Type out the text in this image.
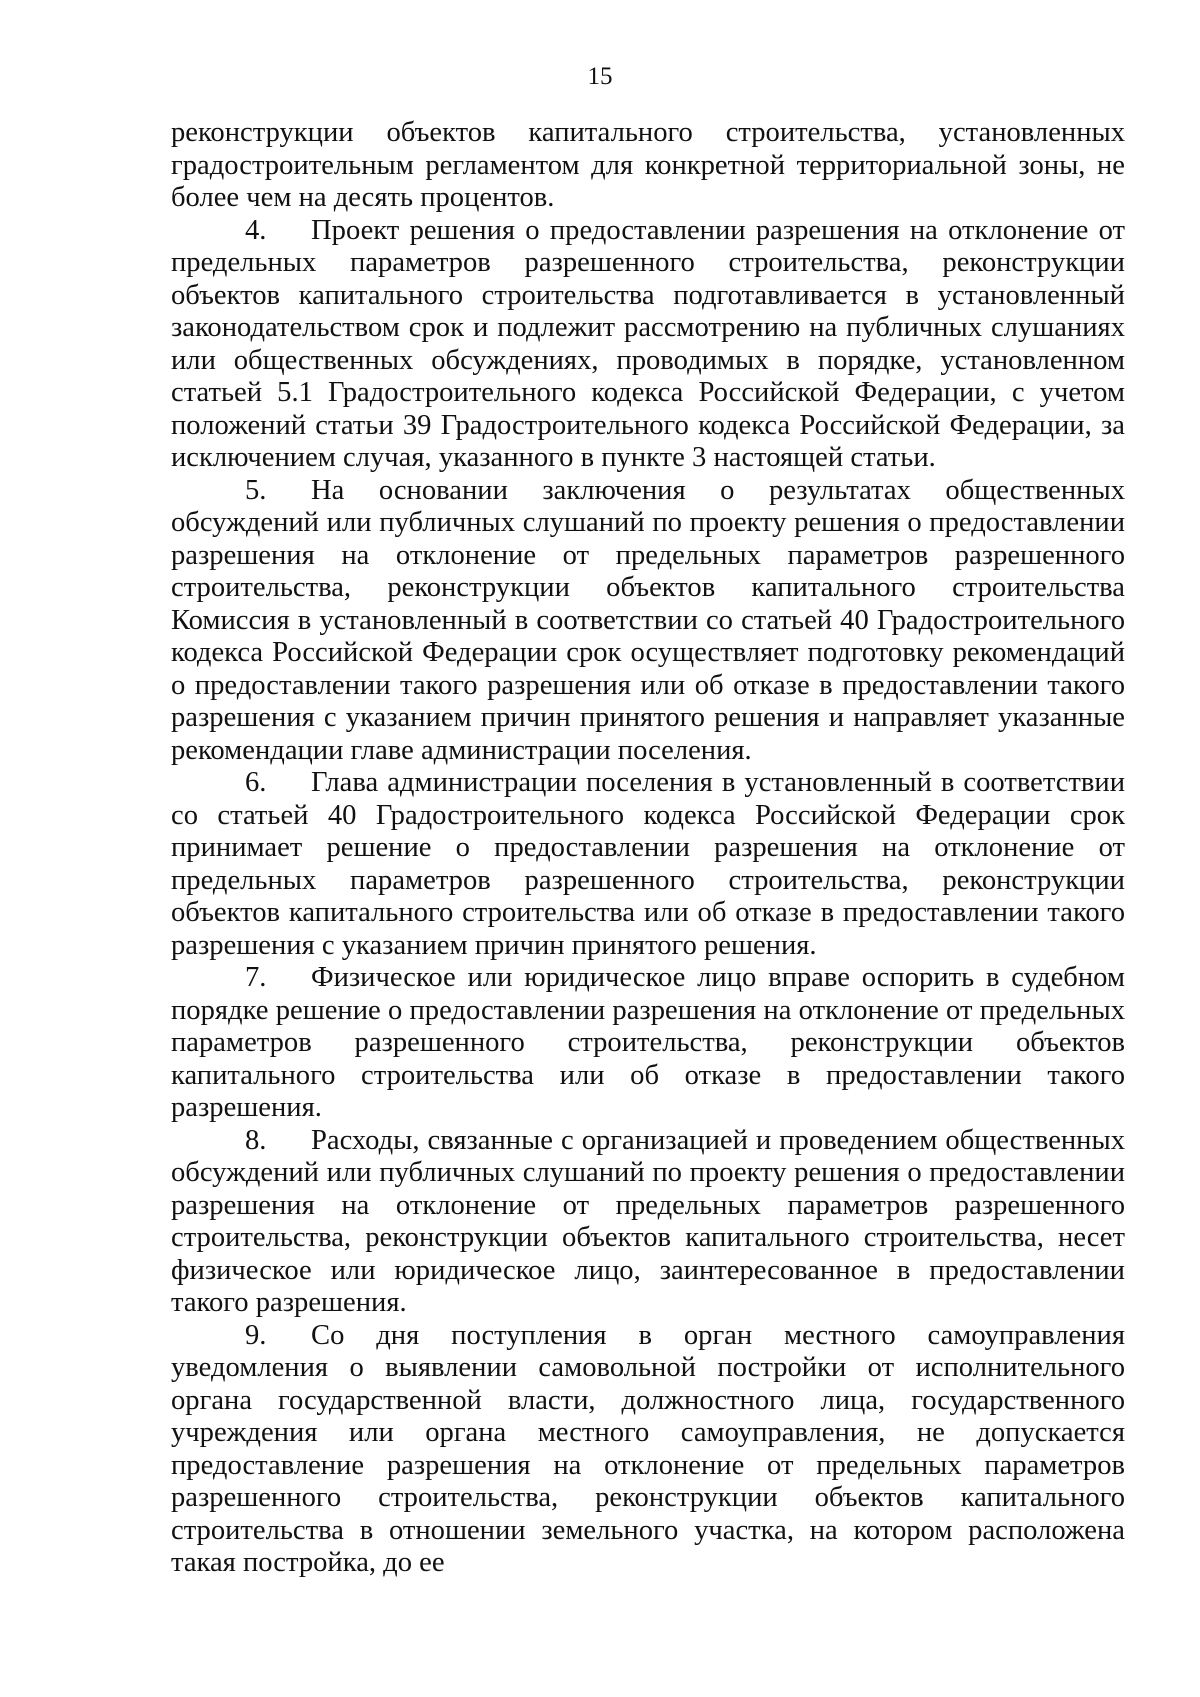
15

реконструкции объектов капитального строительства, установленных градостроительным регламентом для конкретной территориальной зоны, не более чем на десять процентов.

4. Проект решения о предоставлении разрешения на отклонение от предельных параметров разрешенного строительства, реконструкции объектов капитального строительства подготавливается в установленный законодательством срок и подлежит рассмотрению на публичных слушаниях или общественных обсуждениях, проводимых в порядке, установленном статьей 5.1 Градостроительного кодекса Российской Федерации, с учетом положений статьи 39 Градостроительного кодекса Российской Федерации, за исключением случая, указанного в пункте 3 настоящей статьи.

5. На основании заключения о результатах общественных обсуждений или публичных слушаний по проекту решения о предоставлении разрешения на отклонение от предельных параметров разрешенного строительства, реконструкции объектов капитального строительства Комиссия в установленный в соответствии со статьей 40 Градостроительного кодекса Российской Федерации срок осуществляет подготовку рекомендаций о предоставлении такого разрешения или об отказе в предоставлении такого разрешения с указанием причин принятого решения и направляет указанные рекомендации главе администрации поселения.

6. Глава администрации поселения в установленный в соответствии со статьей 40 Градостроительного кодекса Российской Федерации срок принимает решение о предоставлении разрешения на отклонение от предельных параметров разрешенного строительства, реконструкции объектов капитального строительства или об отказе в предоставлении такого разрешения с указанием причин принятого решения.

7. Физическое или юридическое лицо вправе оспорить в судебном порядке решение о предоставлении разрешения на отклонение от предельных параметров разрешенного строительства, реконструкции объектов капитального строительства или об отказе в предоставлении такого разрешения.

8. Расходы, связанные с организацией и проведением общественных обсуждений или публичных слушаний по проекту решения о предоставлении разрешения на отклонение от предельных параметров разрешенного строительства, реконструкции объектов капитального строительства, несет физическое или юридическое лицо, заинтересованное в предоставлении такого разрешения.

9. Со дня поступления в орган местного самоуправления уведомления о выявлении самовольной постройки от исполнительного органа государственной власти, должностного лица, государственного учреждения или органа местного самоуправления, не допускается предоставление разрешения на отклонение от предельных параметров разрешенного строительства, реконструкции объектов капитального строительства в отношении земельного участка, на котором расположена такая постройка, до ее
